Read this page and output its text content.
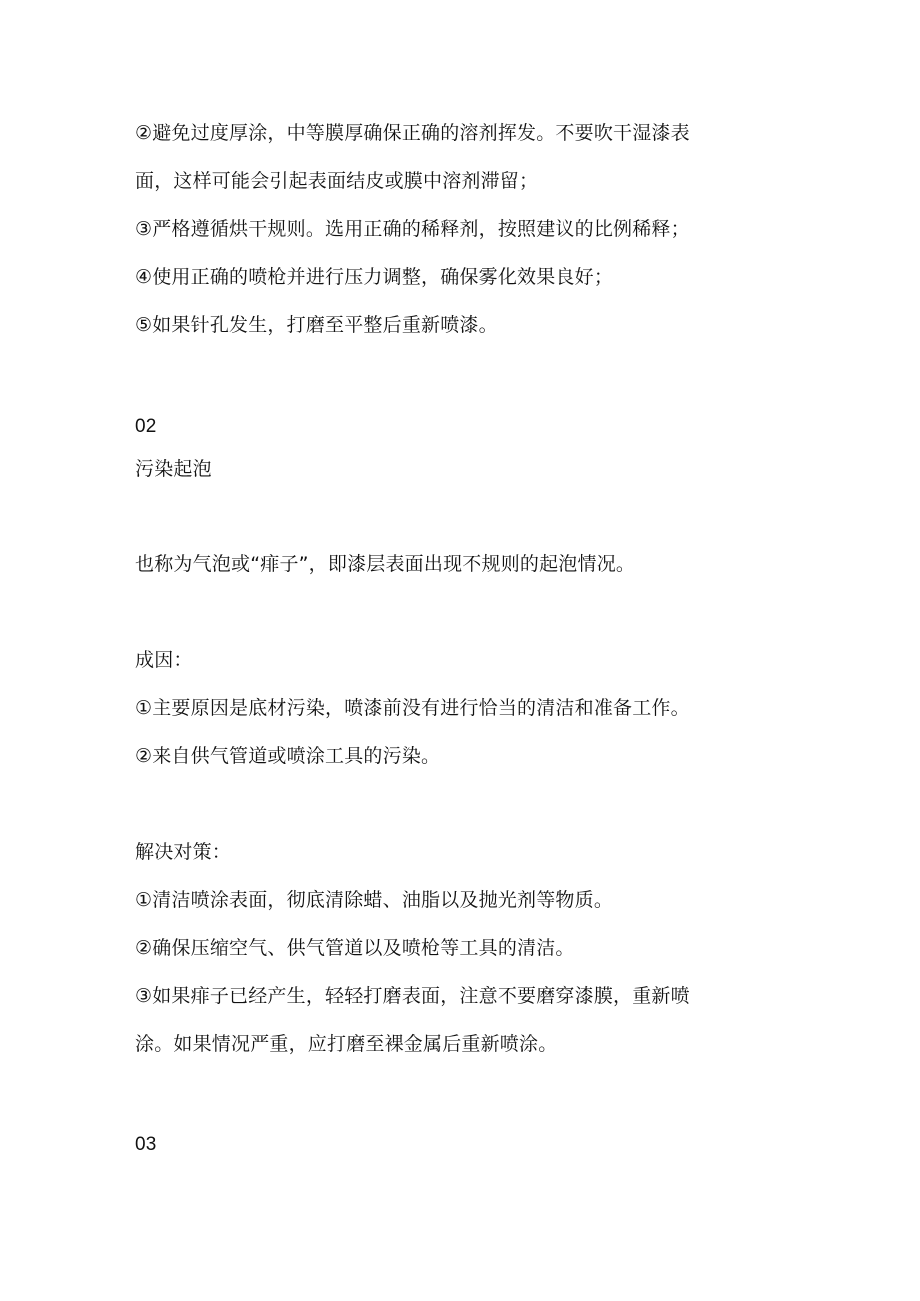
②避免过度厚涂，中等膜厚确保正确的溶剂挥发。不要吹干湿漆表
面，这样可能会引起表面结皮或膜中溶剂滞留；
③严格遵循烘干规则。选用正确的稀释剂，按照建议的比例稀释；
④使用正确的喷枪并进行压力调整，确保雾化效果良好；
⑤如果针孔发生，打磨至平整后重新喷漆。
02
污染起泡
也称为气泡或“痱子”，即漆层表面出现不规则的起泡情况。
成因：
①主要原因是底材污染，喷漆前没有进行恰当的清洁和准备工作。
②来自供气管道或喷涂工具的污染。
解决对策：
①清洁喷涂表面，彻底清除蜡、油脂以及抛光剂等物质。
②确保压缩空气、供气管道以及喷枪等工具的清洁。
③如果痱子已经产生，轻轻打磨表面，注意不要磨穿漆膜，重新喷
涂。如果情况严重，应打磨至裸金属后重新喷涂。
03
